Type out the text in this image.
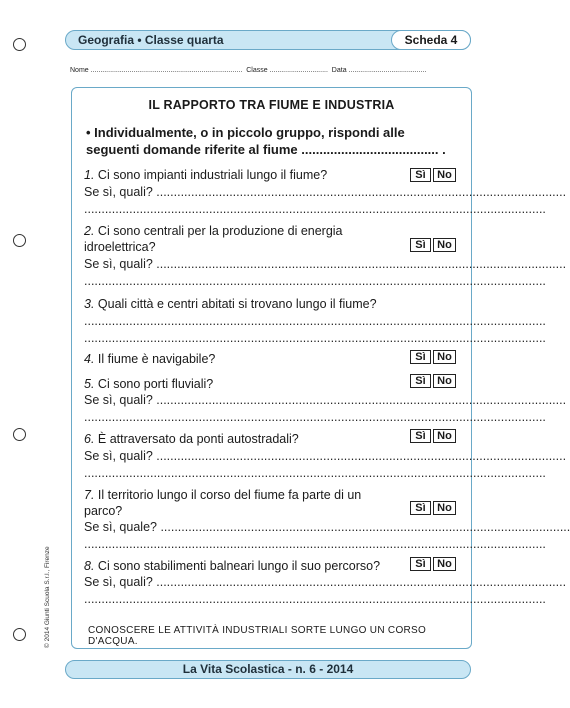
Geografia • Classe quarta	Scheda 4
Nome .............................................................................. Classe .............................. Data ........................................
IL RAPPORTO TRA FIUME E INDUSTRIA
• Individualmente, o in piccolo gruppo, rispondi alle seguenti domande riferite al fiume ...................................... .
1. Ci sono impianti industriali lungo il fiume?	Sì	No
Se sì, quali? ......................................................................................................................
.....................................................................................................................................
2. Ci sono centrali per la produzione di energia idroelettrica?	Sì	No
Se sì, quali? ......................................................................................................................
.....................................................................................................................................
3. Quali città e centri abitati si trovano lungo il fiume?
.....................................................................................................................................
.....................................................................................................................................
4. Il fiume è navigabile?	Sì	No
5. Ci sono porti fluviali?	Sì	No
Se sì, quali? ......................................................................................................................
.....................................................................................................................................
6. È attraversato da ponti autostradali?	Sì	No
Se sì, quali? ......................................................................................................................
.....................................................................................................................................
7. Il territorio lungo il corso del fiume fa parte di un parco?	Sì	No
Se sì, quale? ......................................................................................................................
.....................................................................................................................................
8. Ci sono stabilimenti balneari lungo il suo percorso?	Sì	No
Se sì, quali? ......................................................................................................................
.....................................................................................................................................
CONOSCERE LE ATTIVITÀ INDUSTRIALI SORTE LUNGO UN CORSO D'ACQUA.
© 2014 Giunti Scuola S.r.l., Firenze
La Vita Scolastica - n. 6 - 2014
